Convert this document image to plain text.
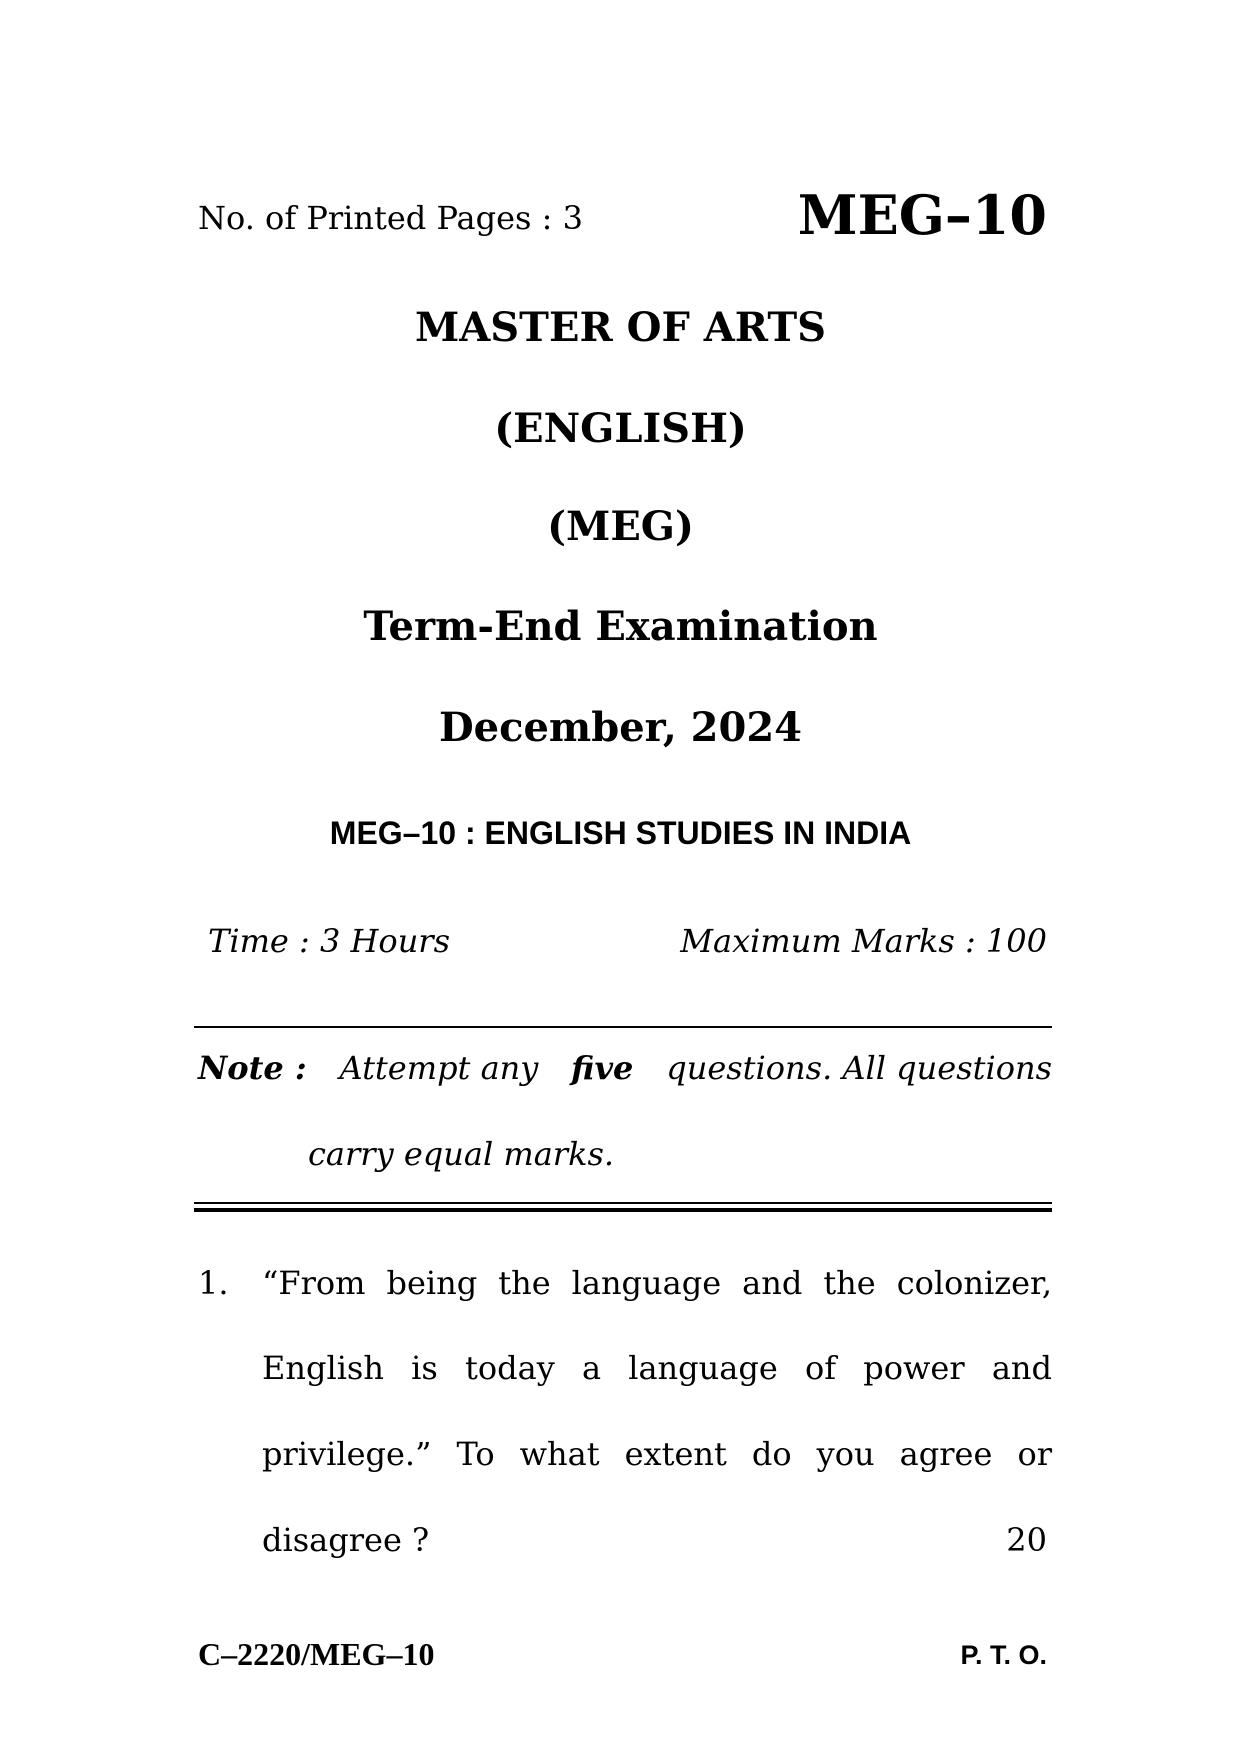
No. of Printed Pages : 3	MEG–10
MASTER OF ARTS
(ENGLISH)
(MEG)
Term-End Examination
December, 2024
MEG–10 : ENGLISH STUDIES IN INDIA
Time : 3 Hours	Maximum Marks : 100
Note : Attempt any five questions. All questions
carry equal marks.
1. “From being the language and the colonizer,
English is today a language of power and
privilege.” To what extent do you agree or
disagree ?	20
C–2220/MEG–10	P. T. O.
